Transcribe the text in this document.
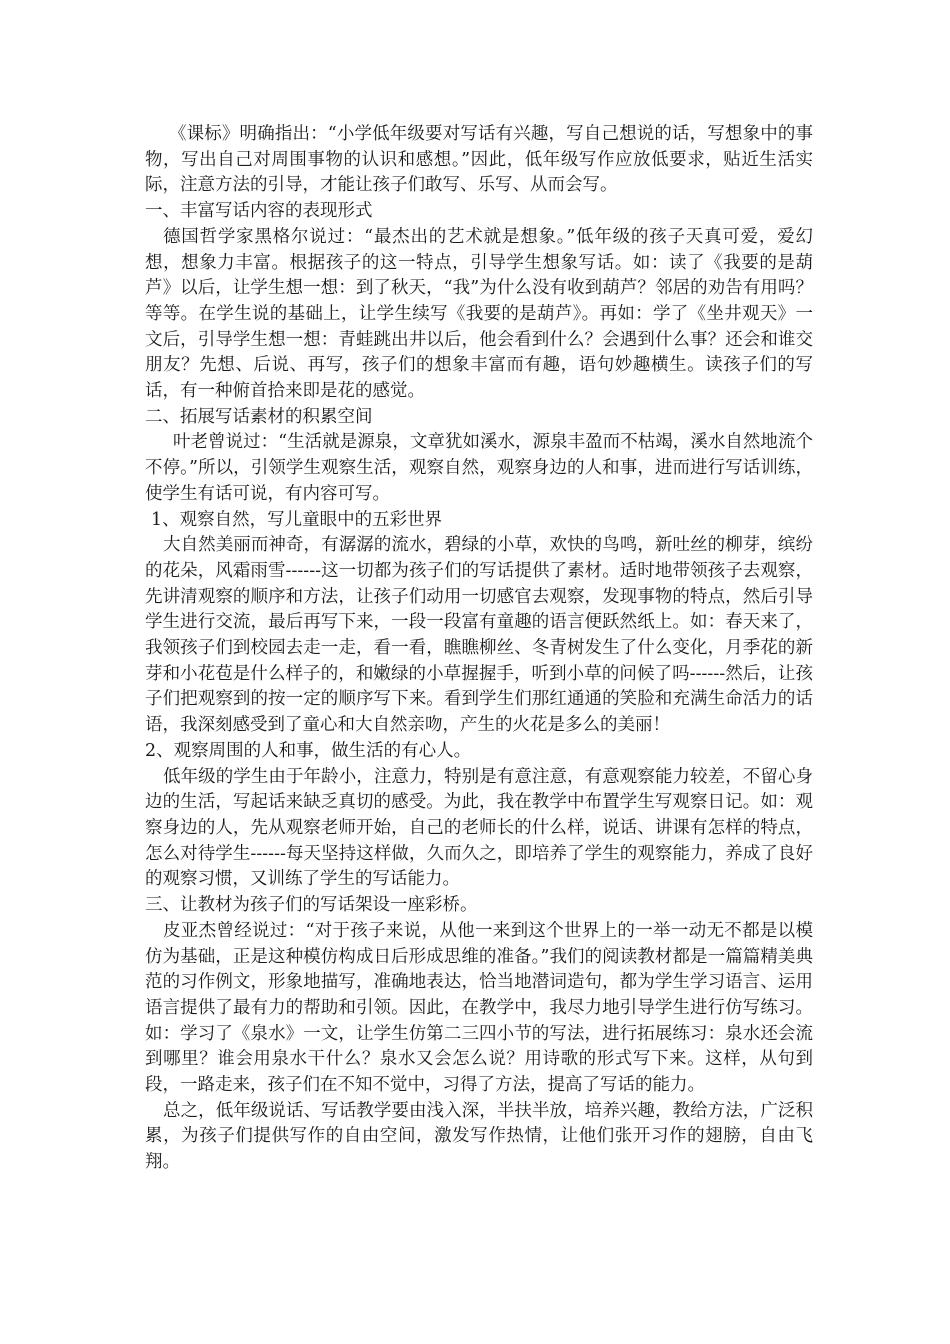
《课标》明确指出：“小学低年级要对写话有兴趣，写自己想说的话，写想象中的事物，写出自己对周围事物的认识和感想。”因此，低年级写作应放低要求，贴近生活实际，注意方法的引导，才能让孩子们敢写、乐写、从而会写。

一、丰富写话内容的表现形式

德国哲学家黑格尔说过：“最杰出的艺术就是想象。”低年级的孩子天真可爱，爱幻想，想象力丰富。根据孩子的这一特点，引导学生想象写话。如：读了《我要的是葫芦》以后，让学生想一想：到了秋天，“我”为什么没有收到葫芦？邻居的劝告有用吗？等等。在学生说的基础上，让学生续写《我要的是葫芦》。再如：学了《坐井观天》一文后，引导学生想一想：青蛙跳出井以后，他会看到什么？会遇到什么事？还会和谁交朋友？先想、后说、再写，孩子们的想象丰富而有趣，语句妙趣横生。读孩子们的写话，有一种俯首拾来即是花的感觉。

二、拓展写话素材的积累空间

叶老曾说过：“生活就是源泉，文章犹如溪水，源泉丰盈而不枯竭，溪水自然地流个不停。”所以，引领学生观察生活，观察自然，观察身边的人和事，进而进行写话训练，使学生有话可说，有内容可写。

1、观察自然，写儿童眼中的五彩世界

大自然美丽而神奇，有潺潺的流水，碧绿的小草，欢快的鸟鸣，新吐丝的柳芽，缤纷的花朵，风霜雨雪------这一切都为孩子们的写话提供了素材。适时地带领孩子去观察，先讲清观察的顺序和方法，让孩子们动用一切感官去观察，发现事物的特点，然后引导学生进行交流，最后再写下来，一段一段富有童趣的语言便跃然纸上。如：春天来了，我领孩子们到校园去走一走，看一看，瞧瞧柳丝、冬青树发生了什么变化，月季花的新芽和小花苞是什么样子的，和嫩绿的小草握握手，听到小草的问候了吗------然后，让孩子们把观察到的按一定的顺序写下来。看到学生们那红通通的笑脸和充满生命活力的话语，我深刻感受到了童心和大自然亲吻，产生的火花是多么的美丽！

2、观察周围的人和事，做生活的有心人。

低年级的学生由于年龄小，注意力，特别是有意注意，有意观察能力较差，不留心身边的生活，写起话来缺乏真切的感受。为此，我在教学中布置学生写观察日记。如：观察身边的人，先从观察老师开始，自己的老师长的什么样，说话、讲课有怎样的特点，怎么对待学生------每天坚持这样做，久而久之，即培养了学生的观察能力，养成了良好的观察习惯，又训练了学生的写话能力。

三、让教材为孩子们的写话架设一座彩桥。

皮亚杰曾经说过：“对于孩子来说，从他一来到这个世界上的一举一动无不都是以模仿为基础，正是这种模仿构成日后形成思维的准备。”我们的阅读教材都是一篇篇精美典范的习作例文，形象地描写，准确地表达，恰当地潜词造句，都为学生学习语言、运用语言提供了最有力的帮助和引领。因此，在教学中，我尽力地引导学生进行仿写练习。如：学习了《泉水》一文，让学生仿第二三四小节的写法，进行拓展练习：泉水还会流到哪里？谁会用泉水干什么？泉水又会怎么说？用诗歌的形式写下来。这样，从句到段，一路走来，孩子们在不知不觉中，习得了方法，提高了写话的能力。

总之，低年级说话、写话教学要由浅入深，半扶半放，培养兴趣，教给方法，广泛积累，为孩子们提供写作的自由空间，激发写作热情，让他们张开习作的翅膀，自由飞翔。
